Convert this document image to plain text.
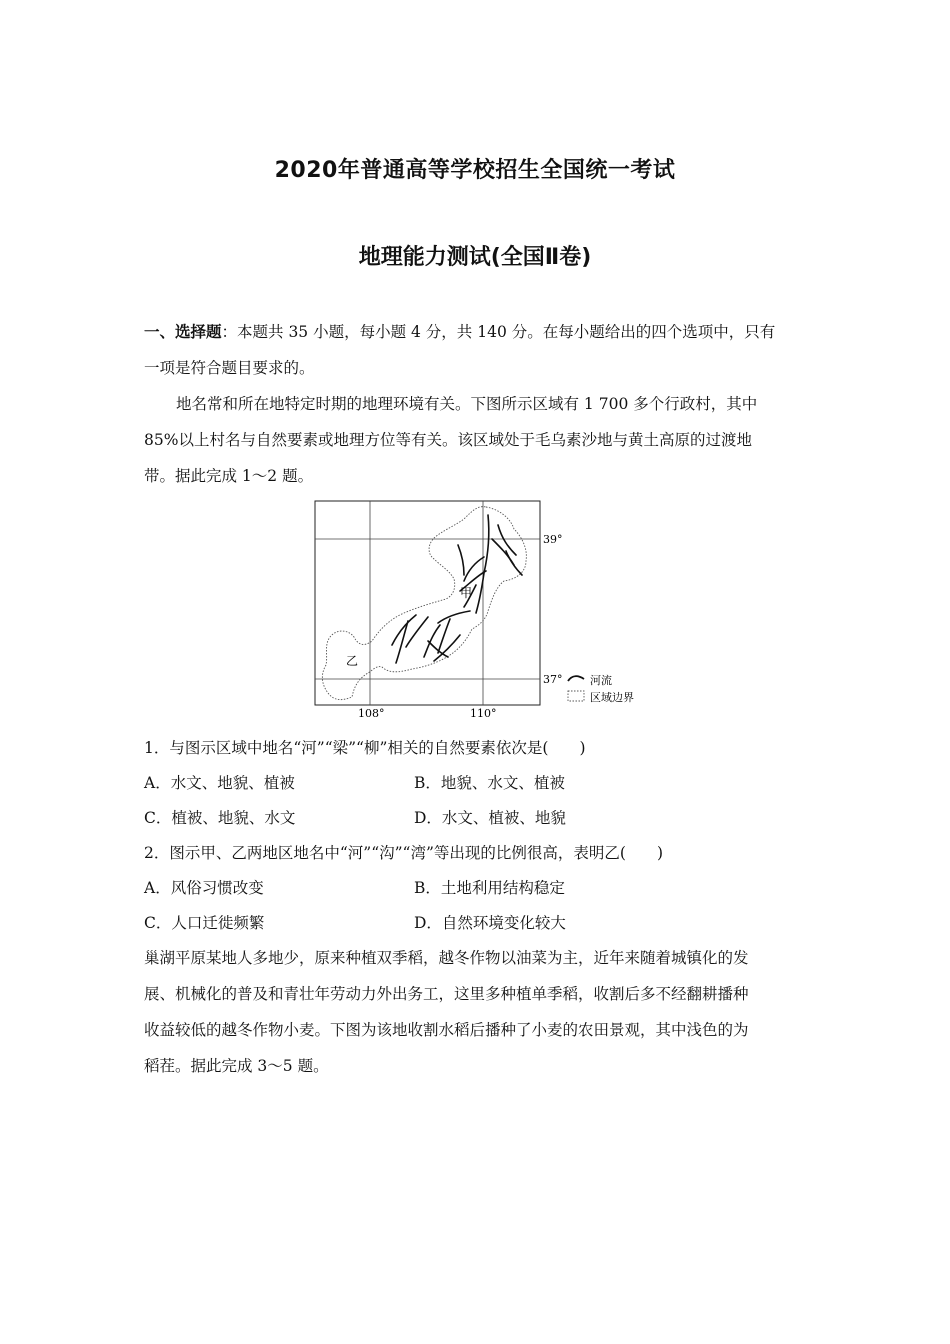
2020年普通高等学校招生全国统一考试
地理能力测试(全国Ⅱ卷)
一、选择题：本题共 35 小题，每小题 4 分，共 140 分。在每小题给出的四个选项中，只有
一项是符合题目要求的。
地名常和所在地特定时期的地理环境有关。下图所示区域有 1 700 多个行政村，其中
85%以上村名与自然要素或地理方位等有关。该区域处于毛乌素沙地与黄土高原的过渡地
带。据此完成 1～2 题。
甲
乙
39°
37°
108°	110°
河流
区域边界
1．与图示区域中地名“河”“梁”“柳”相关的自然要素依次是(　　)
A．水文、地貌、植被	B．地貌、水文、植被
C．植被、地貌、水文	D．水文、植被、地貌
2．图示甲、乙两地区地名中“河”“沟”“湾”等出现的比例很高，表明乙(　　)
A．风俗习惯改变	B．土地利用结构稳定
C．人口迁徙频繁	D．自然环境变化较大
巢湖平原某地人多地少，原来种植双季稻，越冬作物以油菜为主，近年来随着城镇化的发
展、机械化的普及和青壮年劳动力外出务工，这里多种植单季稻，收割后多不经翻耕播种
收益较低的越冬作物小麦。下图为该地收割水稻后播种了小麦的农田景观，其中浅色的为
稻茬。据此完成 3～5 题。
